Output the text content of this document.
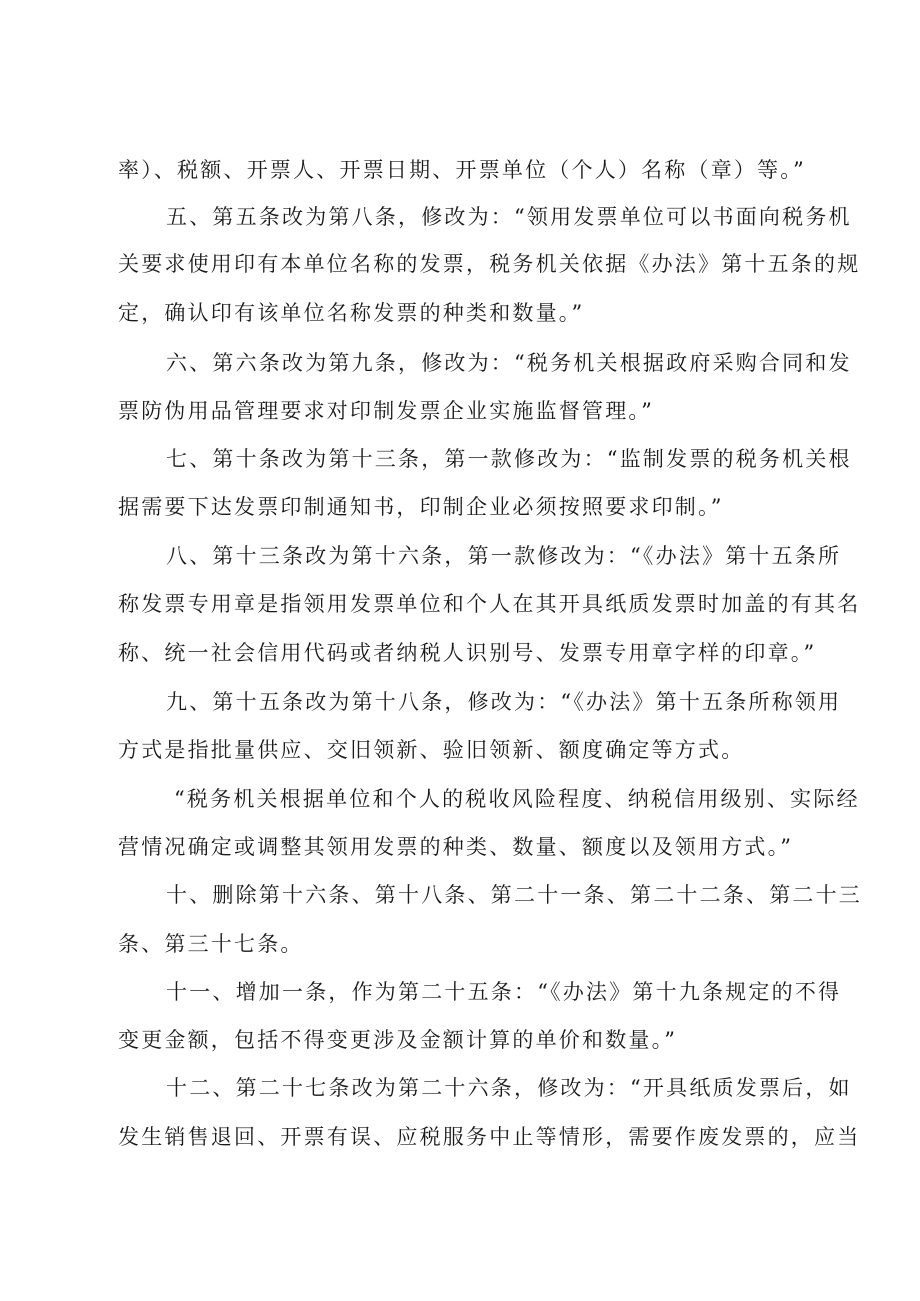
率）、税额、开票人、开票日期、开票单位（个人）名称（章）等。”
五、第五条改为第八条，修改为：“领用发票单位可以书面向税务机
关要求使用印有本单位名称的发票，税务机关依据《办法》第十五条的规
定，确认印有该单位名称发票的种类和数量。”
六、第六条改为第九条，修改为：“税务机关根据政府采购合同和发
票防伪用品管理要求对印制发票企业实施监督管理。”
七、第十条改为第十三条，第一款修改为：“监制发票的税务机关根
据需要下达发票印制通知书，印制企业必须按照要求印制。”
八、第十三条改为第十六条，第一款修改为：“《办法》第十五条所
称发票专用章是指领用发票单位和个人在其开具纸质发票时加盖的有其名
称、统一社会信用代码或者纳税人识别号、发票专用章字样的印章。”
九、第十五条改为第十八条，修改为：“《办法》第十五条所称领用
方式是指批量供应、交旧领新、验旧领新、额度确定等方式。
“税务机关根据单位和个人的税收风险程度、纳税信用级别、实际经
营情况确定或调整其领用发票的种类、数量、额度以及领用方式。”
十、删除第十六条、第十八条、第二十一条、第二十二条、第二十三
条、第三十七条。
十一、增加一条，作为第二十五条：“《办法》第十九条规定的不得
变更金额，包括不得变更涉及金额计算的单价和数量。”
十二、第二十七条改为第二十六条，修改为：“开具纸质发票后，如
发生销售退回、开票有误、应税服务中止等情形，需要作废发票的，应当
